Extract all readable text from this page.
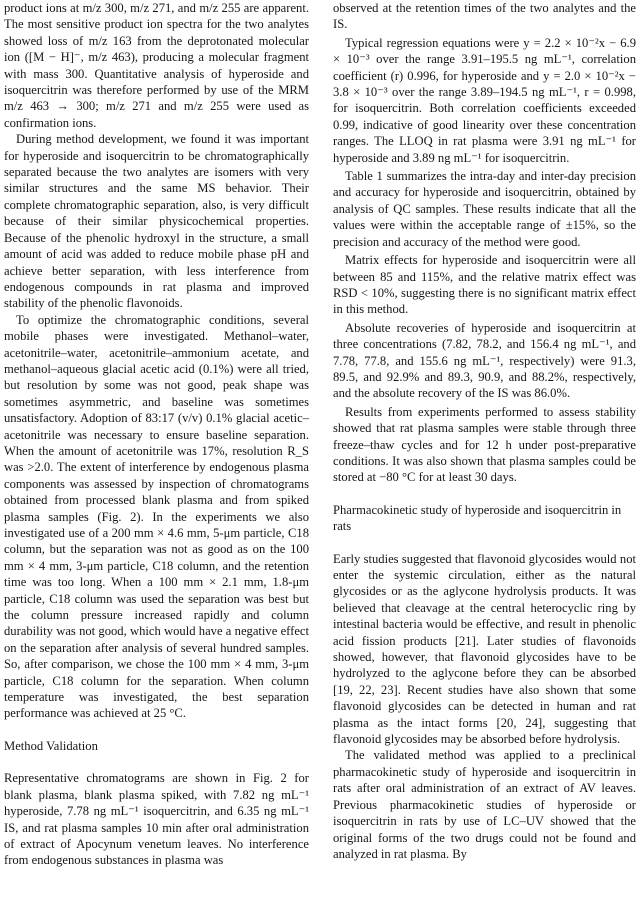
product ions at m/z 300, m/z 271, and m/z 255 are apparent. The most sensitive product ion spectra for the two analytes showed loss of m/z 163 from the deprotonated molecular ion ([M − H]⁻, m/z 463), producing a molecular fragment with mass 300. Quantitative analysis of hyperoside and isoquercitrin was therefore performed by use of the MRM m/z 463 → 300; m/z 271 and m/z 255 were used as confirmation ions.

During method development, we found it was important for hyperoside and isoquercitrin to be chromatographically separated because the two analytes are isomers with very similar structures and the same MS behavior. Their complete chromatographic separation, also, is very difficult because of their similar physicochemical properties. Because of the phenolic hydroxyl in the structure, a small amount of acid was added to reduce mobile phase pH and achieve better separation, with less interference from endogenous compounds in rat plasma and improved stability of the phenolic flavonoids.

To optimize the chromatographic conditions, several mobile phases were investigated. Methanol–water, acetonitrile–water, acetonitrile–ammonium acetate, and methanol–aqueous glacial acetic acid (0.1%) were all tried, but resolution by some was not good, peak shape was sometimes asymmetric, and baseline was sometimes unsatisfactory. Adoption of 83:17 (v/v) 0.1% glacial acetic–acetonitrile was necessary to ensure baseline separation. When the amount of acetonitrile was 17%, resolution R_S was >2.0. The extent of interference by endogenous plasma components was assessed by inspection of chromatograms obtained from processed blank plasma and from spiked plasma samples (Fig. 2). In the experiments we also investigated use of a 200 mm × 4.6 mm, 5-μm particle, C18 column, but the separation was not as good as on the 100 mm × 4 mm, 3-μm particle, C18 column, and the retention time was too long. When a 100 mm × 2.1 mm, 1.8-μm particle, C18 column was used the separation was best but the column pressure increased rapidly and column durability was not good, which would have a negative effect on the separation after analysis of several hundred samples. So, after comparison, we chose the 100 mm × 4 mm, 3-μm particle, C18 column for the separation. When column temperature was investigated, the best separation performance was achieved at 25 °C.

Method Validation

Representative chromatograms are shown in Fig. 2 for blank plasma, blank plasma spiked, with 7.82 ng mL⁻¹ hyperoside, 7.78 ng mL⁻¹ isoquercitrin, and 6.35 ng mL⁻¹ IS, and rat plasma samples 10 min after oral administration of extract of Apocynum venetum leaves. No interference from endogenous substances in plasma was

observed at the retention times of the two analytes and the IS.

Typical regression equations were y = 2.2 × 10⁻²x − 6.9 × 10⁻³ over the range 3.91–195.5 ng mL⁻¹, correlation coefficient (r) 0.996, for hyperoside and y = 2.0 × 10⁻²x − 3.8 × 10⁻³ over the range 3.89–194.5 ng mL⁻¹, r = 0.998, for isoquercitrin. Both correlation coefficients exceeded 0.99, indicative of good linearity over these concentration ranges. The LLOQ in rat plasma were 3.91 ng mL⁻¹ for hyperoside and 3.89 ng mL⁻¹ for isoquercitrin.

Table 1 summarizes the intra-day and inter-day precision and accuracy for hyperoside and isoquercitrin, obtained by analysis of QC samples. These results indicate that all the values were within the acceptable range of ±15%, so the precision and accuracy of the method were good.

Matrix effects for hyperoside and isoquercitrin were all between 85 and 115%, and the relative matrix effect was RSD < 10%, suggesting there is no significant matrix effect in this method.

Absolute recoveries of hyperoside and isoquercitrin at three concentrations (7.82, 78.2, and 156.4 ng mL⁻¹, and 7.78, 77.8, and 155.6 ng mL⁻¹, respectively) were 91.3, 89.5, and 92.9% and 89.3, 90.9, and 88.2%, respectively, and the absolute recovery of the IS was 86.0%.

Results from experiments performed to assess stability showed that rat plasma samples were stable through three freeze–thaw cycles and for 12 h under post-preparative conditions. It was also shown that plasma samples could be stored at −80 °C for at least 30 days.

Pharmacokinetic study of hyperoside and isoquercitrin in rats

Early studies suggested that flavonoid glycosides would not enter the systemic circulation, either as the natural glycosides or as the aglycone hydrolysis products. It was believed that cleavage at the central heterocyclic ring by intestinal bacteria would be effective, and result in phenolic acid fission products [21]. Later studies of flavonoids showed, however, that flavonoid glycosides have to be hydrolyzed to the aglycone before they can be absorbed [19, 22, 23]. Recent studies have also shown that some flavonoid glycosides can be detected in human and rat plasma as the intact forms [20, 24], suggesting that flavonoid glycosides may be absorbed before hydrolysis.

The validated method was applied to a preclinical pharmacokinetic study of hyperoside and isoquercitrin in rats after oral administration of an extract of AV leaves. Previous pharmacokinetic studies of hyperoside or isoquercitrin in rats by use of LC–UV showed that the original forms of the two drugs could not be found and analyzed in rat plasma. By
